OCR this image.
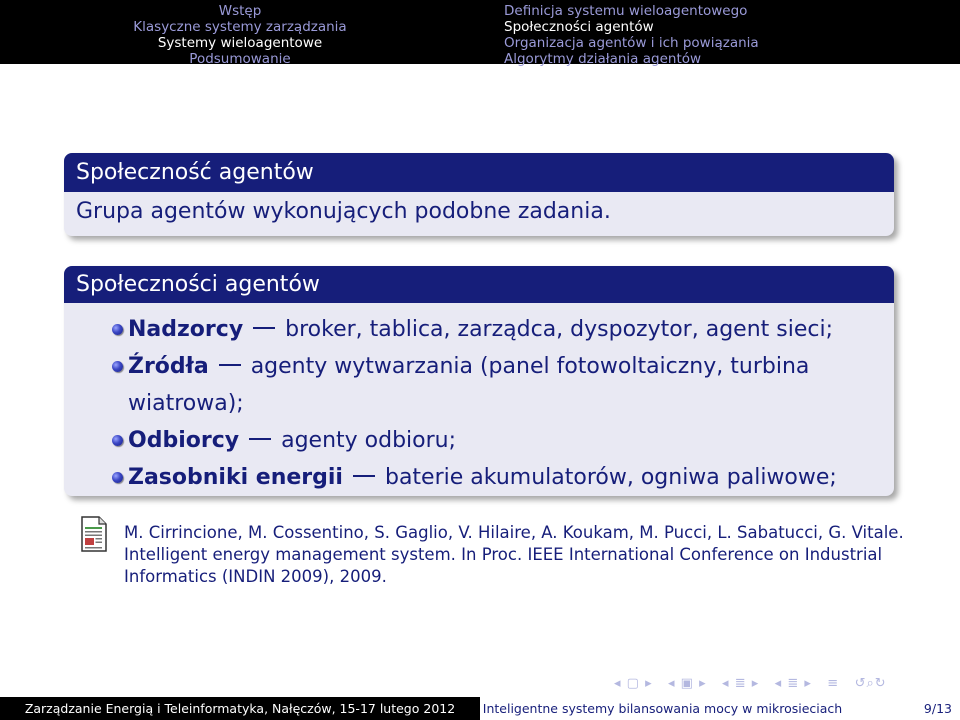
Wstęp
Klasyczne systemy zarządzania
Systemy wieloagentowe
Podsumowanie
Definicja systemu wieloagentowego
Społeczności agentów
Organizacja agentów i ich powiązania
Algorytmy działania agentów
Społeczność agentów
Grupa agentów wykonujących podobne zadania.
Społeczności agentów
Nadzorcy broker, tablica, zarządca, dyspozytor, agent sieci;
Źródła agenty wytwarzania (panel fotowoltaiczny, turbina wiatrowa);
Odbiorcy agenty odbioru;
Zasobniki energii baterie akumulatorów, ogniwa paliwowe;
M. Cirrincione, M. Cossentino, S. Gaglio, V. Hilaire, A. Koukam, M. Pucci, L. Sabatucci, G. Vitale. Intelligent energy management system. In Proc. IEEE International Conference on Industrial Informatics (INDIN 2009), 2009.
◂ ▢ ▸ ◂ ▣ ▸ ◂ ≣ ▸ ◂ ≣ ▸ ≡ ↺⌕↻
Zarządzanie Energią i Teleinformatyka, Nałęczów, 15-17 lutego 2012	Inteligentne systemy bilansowania mocy w mikrosieciach	9/13
